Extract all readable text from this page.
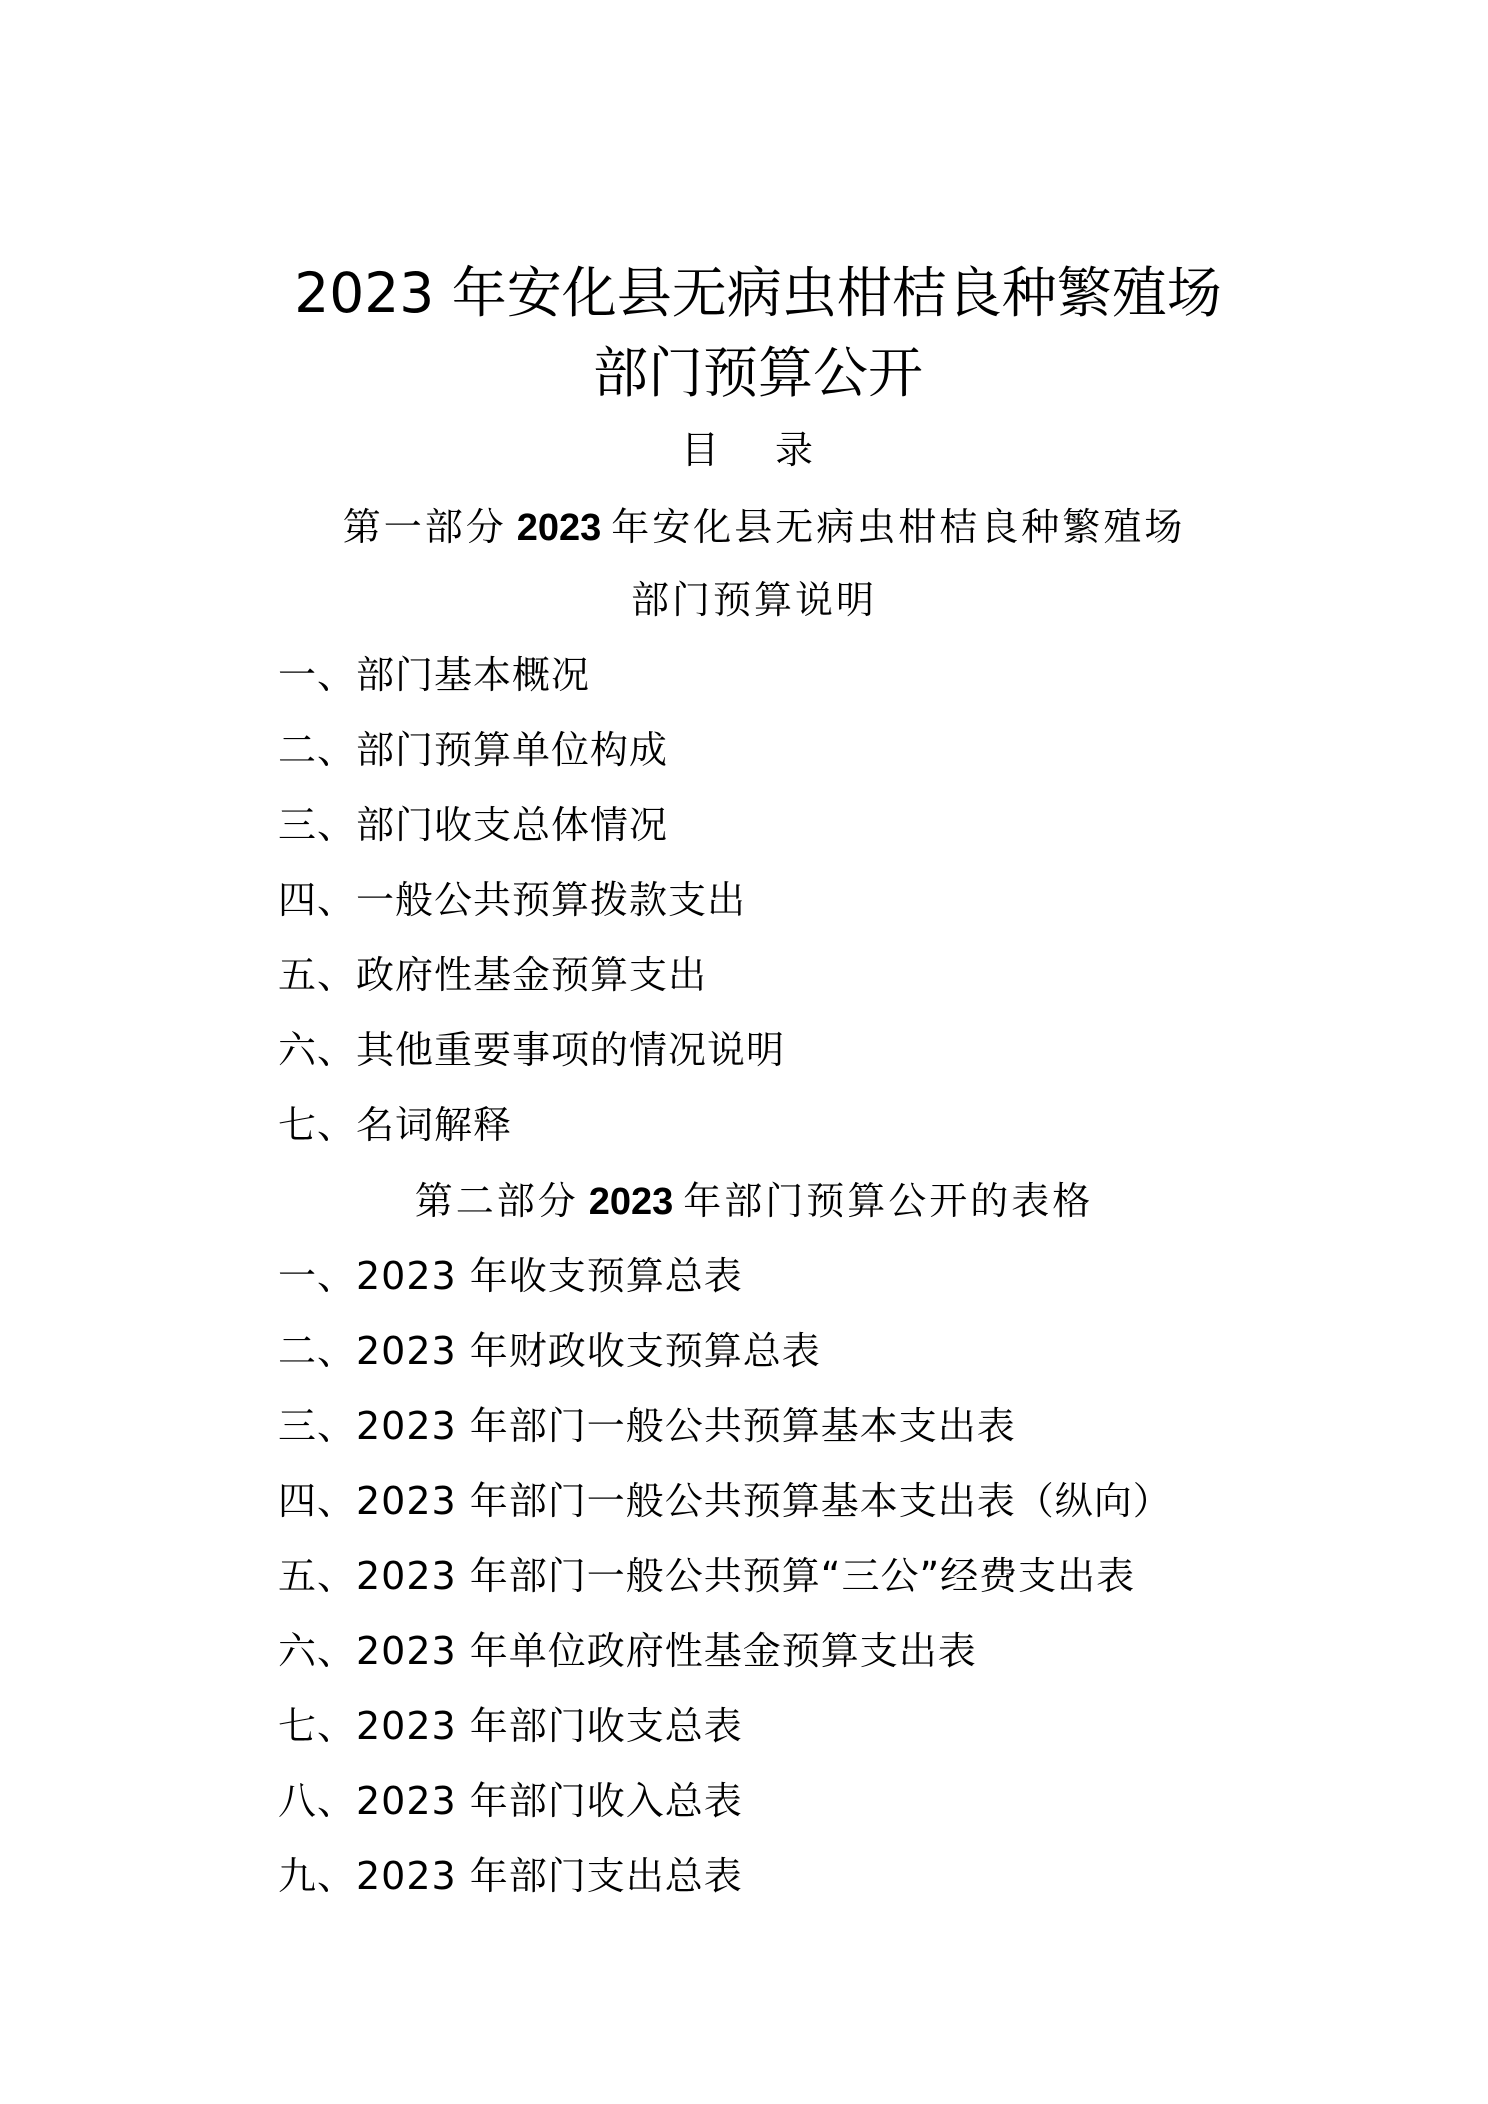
2023 年安化县无病虫柑桔良种繁殖场
部门预算公开
目 录
第一部分 2023 年安化县无病虫柑桔良种繁殖场
部门预算说明
一、部门基本概况
二、部门预算单位构成
三、部门收支总体情况
四、一般公共预算拨款支出
五、政府性基金预算支出
六、其他重要事项的情况说明
七、名词解释
第二部分 2023 年部门预算公开的表格
一、2023 年收支预算总表
二、2023 年财政收支预算总表
三、2023 年部门一般公共预算基本支出表
四、2023 年部门一般公共预算基本支出表（纵向）
五、2023 年部门一般公共预算“三公”经费支出表
六、2023 年单位政府性基金预算支出表
七、2023 年部门收支总表
八、2023 年部门收入总表
九、2023 年部门支出总表
